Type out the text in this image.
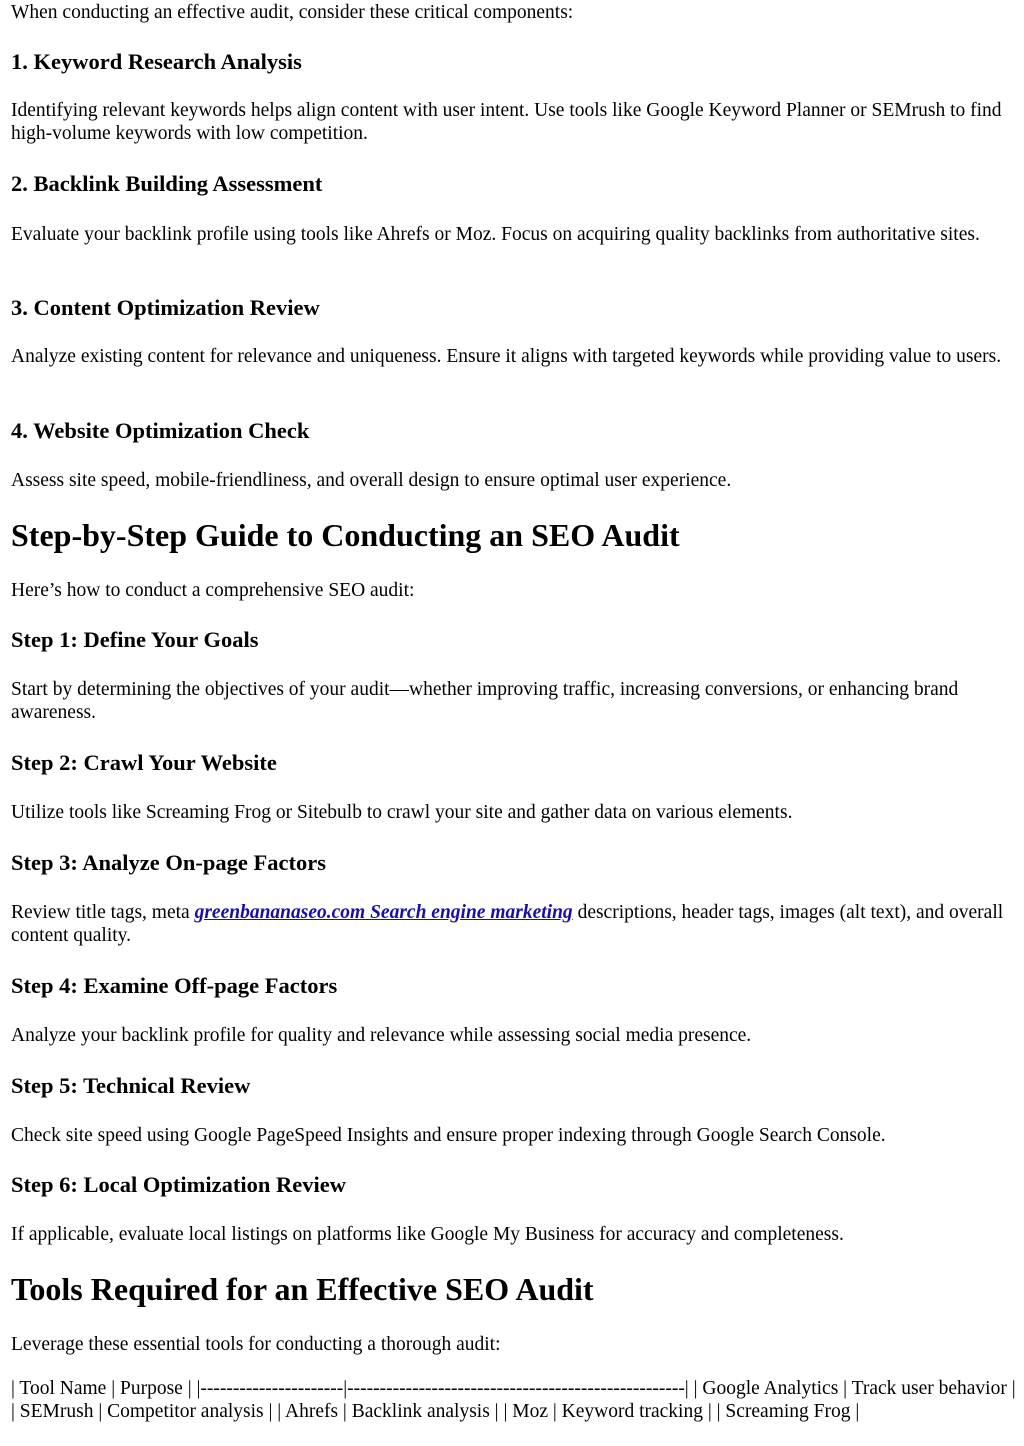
When conducting an effective audit, consider these critical components:

1. Keyword Research Analysis

Identifying relevant keywords helps align content with user intent. Use tools like Google Keyword Planner or SEMrush to find high-volume keywords with low competition.

2. Backlink Building Assessment

Evaluate your backlink profile using tools like Ahrefs or Moz. Focus on acquiring quality backlinks from authoritative sites.

3. Content Optimization Review

Analyze existing content for relevance and uniqueness. Ensure it aligns with targeted keywords while providing value to users.

4. Website Optimization Check

Assess site speed, mobile-friendliness, and overall design to ensure optimal user experience.

Step-by-Step Guide to Conducting an SEO Audit

Here’s how to conduct a comprehensive SEO audit:

Step 1: Define Your Goals

Start by determining the objectives of your audit—whether improving traffic, increasing conversions, or enhancing brand awareness.

Step 2: Crawl Your Website

Utilize tools like Screaming Frog or Sitebulb to crawl your site and gather data on various elements.

Step 3: Analyze On-page Factors

Review title tags, meta greenbananaseo.com Search engine marketing descriptions, header tags, images (alt text), and overall content quality.

Step 4: Examine Off-page Factors

Analyze your backlink profile for quality and relevance while assessing social media presence.

Step 5: Technical Review

Check site speed using Google PageSpeed Insights and ensure proper indexing through Google Search Console.

Step 6: Local Optimization Review

If applicable, evaluate local listings on platforms like Google My Business for accuracy and completeness.

Tools Required for an Effective SEO Audit

Leverage these essential tools for conducting a thorough audit:

| Tool Name | Purpose | |----------------------|----------------------------------------------------| | Google Analytics | Track user behavior | | SEMrush | Competitor analysis | | Ahrefs | Backlink analysis | | Moz | Keyword tracking | | Screaming Frog |
